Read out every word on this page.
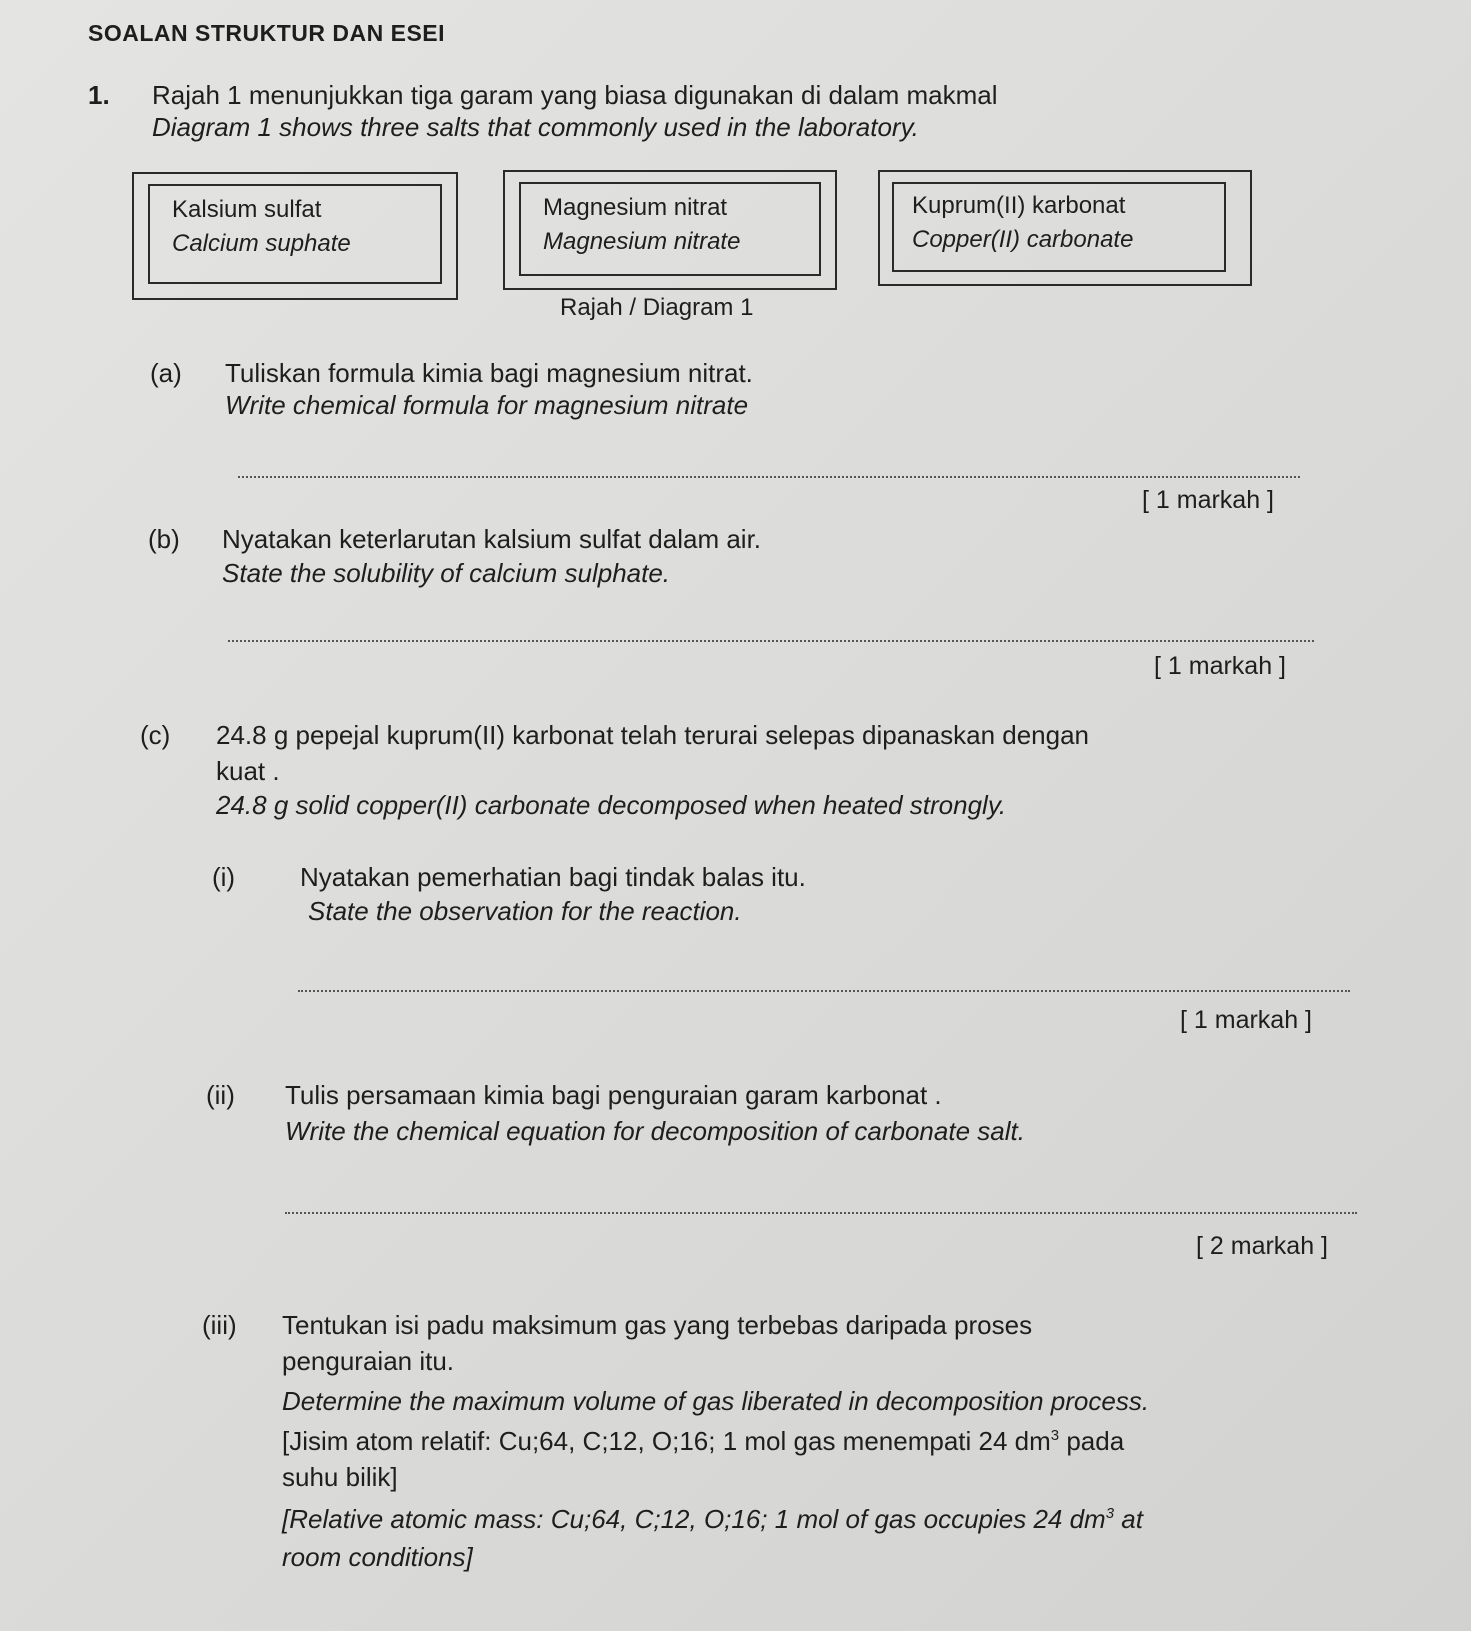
SOALAN STRUKTUR DAN ESEI
1. Rajah 1 menunjukkan tiga garam yang biasa digunakan di dalam makmal
Diagram 1 shows three salts that commonly used in the laboratory.
Kalsium sulfat
Calcium suphate
Magnesium nitrat
Magnesium nitrate
Kuprum(II) karbonat
Copper(II) carbonate
Rajah / Diagram 1
(a) Tuliskan formula kimia bagi magnesium nitrat.
Write chemical formula for magnesium nitrate
[ 1 markah ]
(b) Nyatakan keterlarutan kalsium sulfat dalam air.
State the solubility of calcium sulphate.
[ 1 markah ]
(c) 24.8 g pepejal kuprum(II) karbonat telah terurai selepas dipanaskan dengan
kuat .
24.8 g solid copper(II) carbonate decomposed when heated strongly.
(i) Nyatakan pemerhatian bagi tindak balas itu.
State the observation for the reaction.
[ 1 markah ]
(ii) Tulis persamaan kimia bagi penguraian garam karbonat .
Write the chemical equation for decomposition of carbonate salt.
[ 2 markah ]
(iii) Tentukan isi padu maksimum gas yang terbebas daripada proses
penguraian itu.
Determine the maximum volume of gas liberated in decomposition process.
[Jisim atom relatif: Cu;64, C;12, O;16; 1 mol gas menempati 24 $dm^3$ pada
suhu bilik]
[Relative atomic mass: Cu;64, C;12, O;16; 1 mol of gas occupies 24 $dm^3$ at
room conditions]
